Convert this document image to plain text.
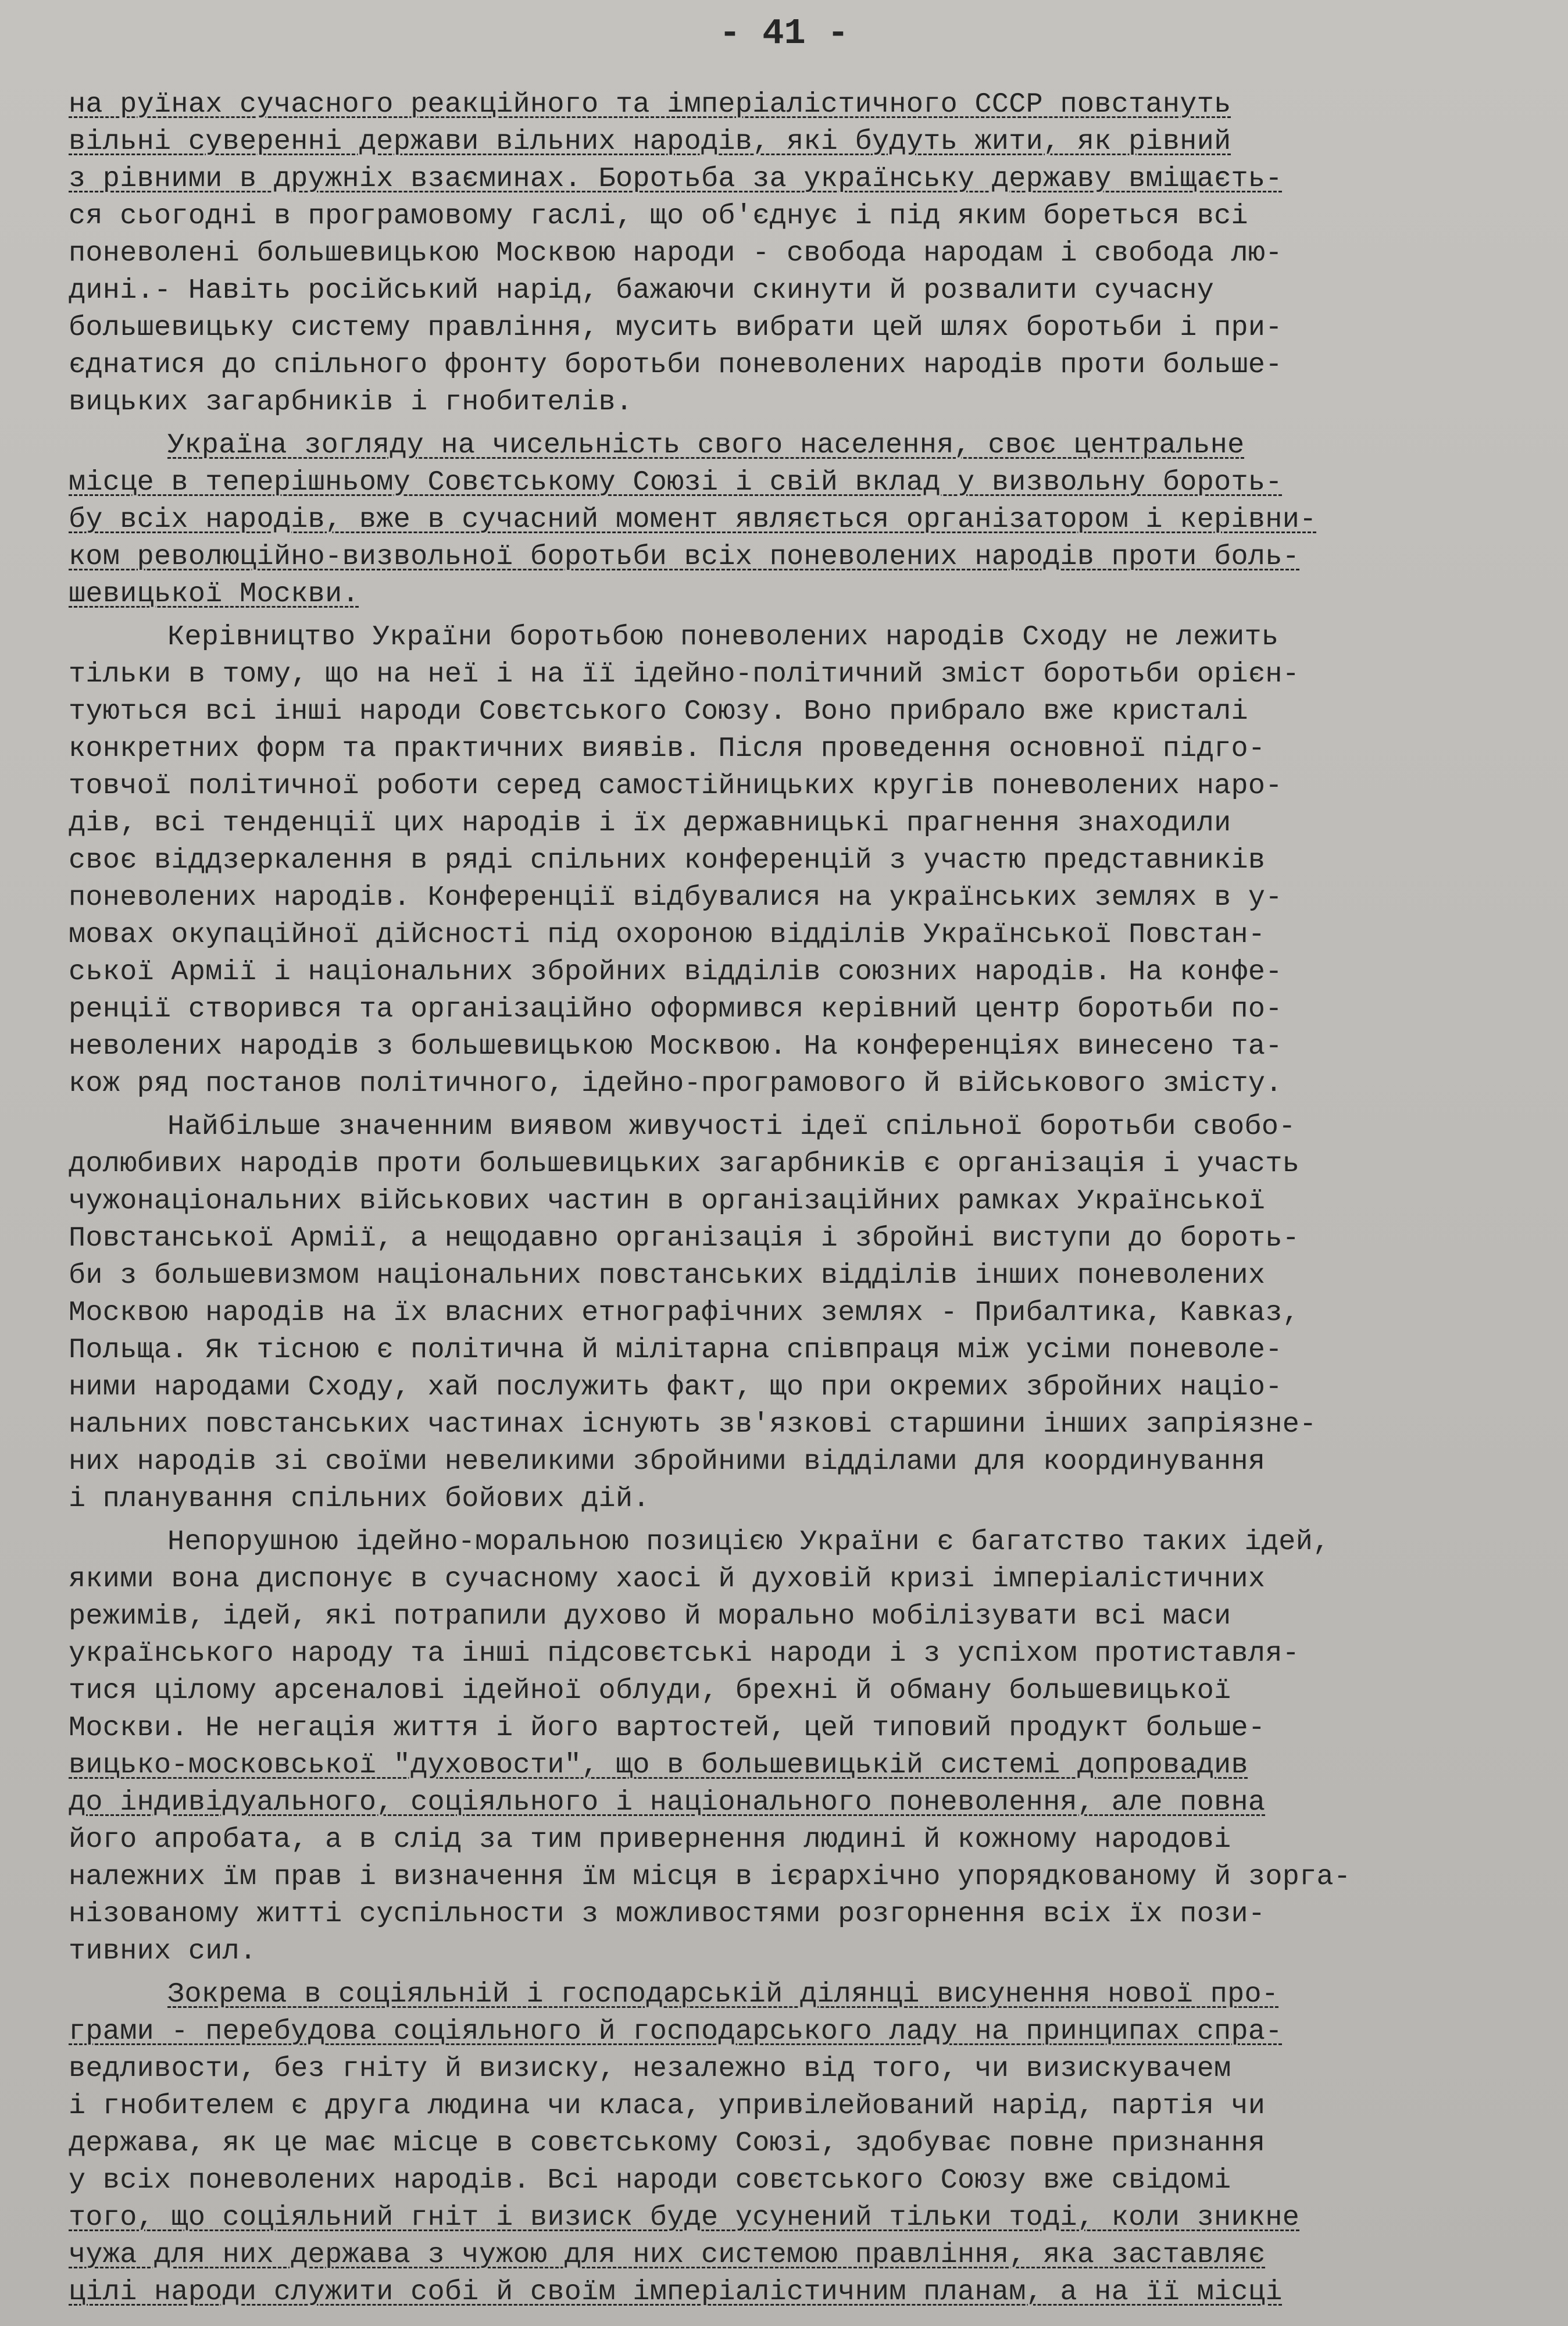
- 41 -
на руїнах сучасного реакційного та імперіалістичного СССР повстануть
вільні суверенні держави вільних народів, які будуть жити, як рівний
з рівними в дружніх взаєминах. Боротьба за українську державу вміщаєть-
ся сьогодні в програмовому гаслі, що об'єднує і під яким бореться всі
поневолені большевицькою Москвою народи - свобода народам і свобода лю-
дині.- Навіть російський нарід, бажаючи скинути й розвалити сучасну
большевицьку систему правління, мусить вибрати цей шлях боротьби і при-
єднатися до спільного фронту боротьби поневолених народів проти больше-
вицьких загарбників і гнобителів.
Україна зогляду на чисельність свого населення, своє центральне
місце в теперішньому Совєтському Союзі і свій вклад у визвольну бороть-
бу всіх народів, вже в сучасний момент являється організатором і керівни-
ком революційно-визвольної боротьби всіх поневолених народів проти боль-
шевицької Москви.
Керівництво України боротьбою поневолених народів Сходу не лежить
тільки в тому, що на неї і на її ідейно-політичний зміст боротьби орієн-
туються всі інші народи Совєтського Союзу. Воно прибрало вже кристалі
конкретних форм та практичних виявів. Після проведення основної підго-
товчої політичної роботи серед самостійницьких кругів поневолених наро-
дів, всі тенденції цих народів і їх державницькі прагнення знаходили
своє віддзеркалення в ряді спільних конференцій з участю представників
поневолених народів. Конференції відбувалися на українських землях в у-
мовах окупаційної дійсності під охороною відділів Української Повстан-
ської Армії і національних збройних відділів союзних народів. На конфе-
ренції створився та організаційно оформився керівний центр боротьби по-
неволених народів з большевицькою Москвою. На конференціях винесено та-
кож ряд постанов політичного, ідейно-програмового й військового змісту.
Найбільше значенним виявом живучості ідеї спільної боротьби свобо-
долюбивих народів проти большевицьких загарбників є організація і участь
чужонаціональних військових частин в організаційних рамках Української
Повстанської Армії, а нещодавно організація і збройні виступи до бороть-
би з большевизмом національних повстанських відділів інших поневолених
Москвою народів на їх власних етнографічних землях - Прибалтика, Кавказ,
Польща. Як тісною є політична й мілітарна співпраця між усіми поневоле-
ними народами Сходу, хай послужить факт, що при окремих збройних націо-
нальних повстанських частинах існують зв'язкові старшини інших запріязне-
них народів зі своїми невеликими збройними відділами для координування
і планування спільних бойових дій.
Непорушною ідейно-моральною позицією України є багатство таких ідей,
якими вона диспонує в сучасному хаосі й духовій кризі імперіалістичних
режимів, ідей, які потрапили духово й морально мобілізувати всі маси
українського народу та інші підсовєтські народи і з успіхом протиставля-
тися цілому арсеналові ідейної облуди, брехні й обману большевицької
Москви. Не негація життя і його вартостей, цей типовий продукт больше-
вицько-московської "духовости", що в большевицькій системі допровадив
до індивідуального, соціяльного і національного поневолення, але повна
його апробата, а в слід за тим привернення людині й кожному народові
належних їм прав і визначення їм місця в ієрархічно упорядкованому й зорга-
нізованому житті суспільности з можливостями розгорнення всіх їх пози-
тивних сил.
Зокрема в соціяльній і господарській ділянці висунення нової про-
грами - перебудова соціяльного й господарського ладу на принципах спра-
ведливости, без гніту й визиску, незалежно від того, чи визискувачем
і гнобителем є друга людина чи класа, упривілейований нарід, партія чи
держава, як це має місце в совєтському Союзі, здобуває повне признання
у всіх поневолених народів. Всі народи совєтського Союзу вже свідомі
того, що соціяльний гніт і визиск буде усунений тільки тоді, коли зникне
чужа для них держава з чужою для них системою правління, яка заставляє
цілі народи служити собі й своїм імперіалістичним планам, а на її місці
